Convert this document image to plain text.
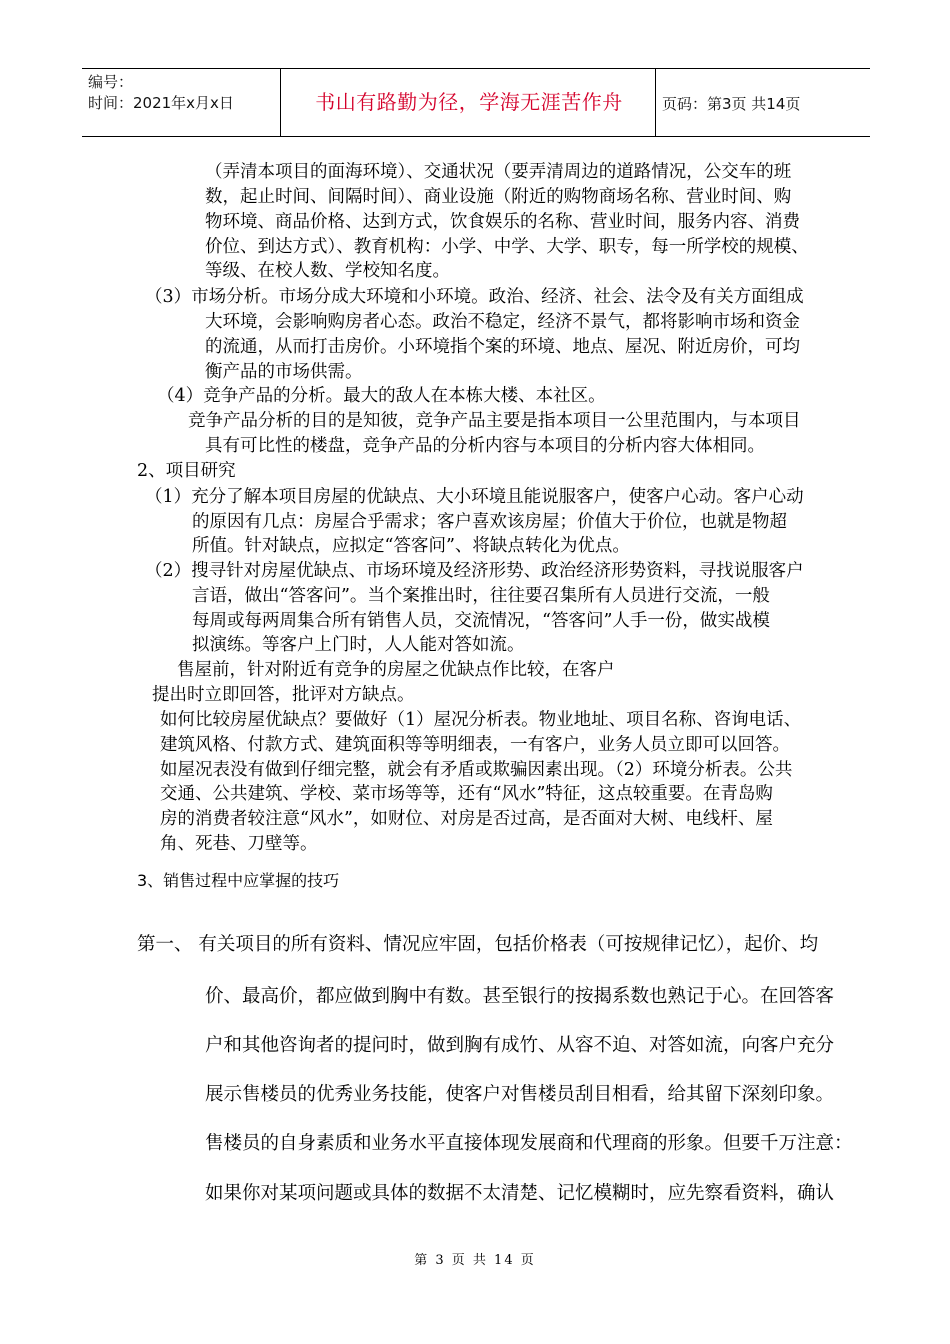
编号：
时间：2021年x月x日	书山有路勤为径，学海无涯苦作舟	页码：第3页 共14页
（弄清本项目的面海环境）、交通状况（要弄清周边的道路情况，公交车的班
数，起止时间、间隔时间）、商业设施（附近的购物商场名称、营业时间、购
物环境、商品价格、达到方式，饮食娱乐的名称、营业时间，服务内容、消费
价位、到达方式）、教育机构：小学、中学、大学、职专，每一所学校的规模、
等级、在校人数、学校知名度。
（3）市场分析。市场分成大环境和小环境。政治、经济、社会、法令及有关方面组成
大环境，会影响购房者心态。政治不稳定，经济不景气，都将影响市场和资金
的流通，从而打击房价。小环境指个案的环境、地点、屋况、附近房价，可均
衡产品的市场供需。
（4）竞争产品的分析。最大的敌人在本栋大楼、本社区。
竞争产品分析的目的是知彼，竞争产品主要是指本项目一公里范围内，与本项目
具有可比性的楼盘，竞争产品的分析内容与本项目的分析内容大体相同。
2、项目研究
（1）充分了解本项目房屋的优缺点、大小环境且能说服客户，使客户心动。客户心动
的原因有几点：房屋合乎需求；客户喜欢该房屋；价值大于价位，也就是物超
所值。针对缺点，应拟定“答客问”、将缺点转化为优点。
（2）搜寻针对房屋优缺点、市场环境及经济形势、政治经济形势资料，寻找说服客户
言语，做出“答客问”。当个案推出时，往往要召集所有人员进行交流，一般
每周或每两周集合所有销售人员，交流情况，“答客问”人手一份，做实战模
拟演练。等客户上门时，人人能对答如流。
售屋前，针对附近有竞争的房屋之优缺点作比较，在客户
提出时立即回答，批评对方缺点。
如何比较房屋优缺点？要做好（1）屋况分析表。物业地址、项目名称、咨询电话、
建筑风格、付款方式、建筑面积等等明细表，一有客户，业务人员立即可以回答。
如屋况表没有做到仔细完整，就会有矛盾或欺骗因素出现。（2）环境分析表。公共
交通、公共建筑、学校、菜市场等等，还有“风水”特征，这点较重要。在青岛购
房的消费者较注意“风水”，如财位、对房是否过高，是否面对大树、电线杆、屋
角、死巷、刀壁等。
3、销售过程中应掌握的技巧
第一、 有关项目的所有资料、情况应牢固，包括价格表（可按规律记忆），起价、均
价、最高价，都应做到胸中有数。甚至银行的按揭系数也熟记于心。在回答客
户和其他咨询者的提问时，做到胸有成竹、从容不迫、对答如流，向客户充分
展示售楼员的优秀业务技能，使客户对售楼员刮目相看，给其留下深刻印象。
售楼员的自身素质和业务水平直接体现发展商和代理商的形象。但要千万注意：
如果你对某项问题或具体的数据不太清楚、记忆模糊时，应先察看资料，确认
第 3 页 共 14 页
